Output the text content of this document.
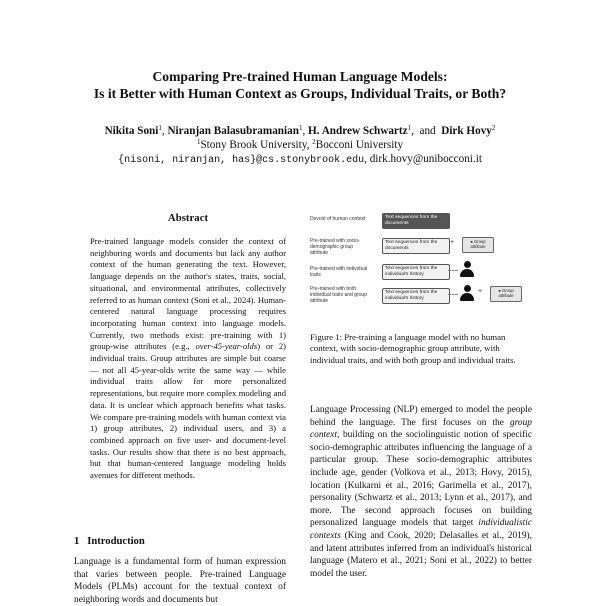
Comparing Pre-trained Human Language Models:
Is it Better with Human Context as Groups, Individual Traits, or Both?
Nikita Soni$^1$, Niranjan Balasubramanian$^1$, H. Andrew Schwartz$^1$,  and Dirk Hovy$^2$
$^1$Stony Brook University, $^2$Bocconi University
{nisoni, niranjan, has}@cs.stonybrook.edu, dirk.hovy@unibocconi.it
Abstract
Pre-trained language models consider the context of neighboring words and documents but lack any author context of the human generating the text. However, language depends on the author's states, traits, social, situational, and environmental attributes, collectively referred to as human context (Soni et al., 2024). Human-centered natural language processing requires incorporating human context into language models. Currently, two methods exist: pre-training with 1) group-wise attributes (e.g., over-45-year-olds) or 2) individual traits. Group attributes are simple but coarse — not all 45-year-olds write the same way — while individual traits allow for more personalized representations, but require more complex modeling and data. It is unclear which approach benefits what tasks. We compare pre-training models with human context via 1) group attributes, 2) individual users, and 3) a combined approach on five user- and document-level tasks. Our results show that there is no best approach, but that human-centered language modeling holds avenues for different methods.
1 Introduction
Language is a fundamental form of human expression that varies between people. Pre-trained Language Models (PLMs) account for the textual context of neighboring words and documents but
Devoid of human context	Text sequences from the documents
Pre-trained with socio-demographic group attribute
Text sequences from the documents
+	● Group attribute
Pre-trained with individual traits
Text sequences from the individual's history
Pre-trained with both individual traits and group attribute
Text sequences from the individual's history
+	● Group attribute
Figure 1: Pre-training a language model with no human context, with socio-demographic group attribute, with individual traits, and with both group and individual traits.
Language Processing (NLP) emerged to model the people behind the language. The first focuses on the group context, building on the sociolinguistic notion of specific socio-demographic attributes influencing the language of a particular group. These socio-demographic attributes include age, gender (Volkova et al., 2013; Hovy, 2015), location (Kulkarni et al., 2016; Garimella et al., 2017), personality (Schwartz et al., 2013; Lynn et al., 2017), and more. The second approach focuses on building personalized language models that target individualistic contexts (King and Cook, 2020; Delasalles et al., 2019), and latent attributes inferred from an individual's historical language (Matero et al., 2021; Soni et al., 2022) to better model the user.
